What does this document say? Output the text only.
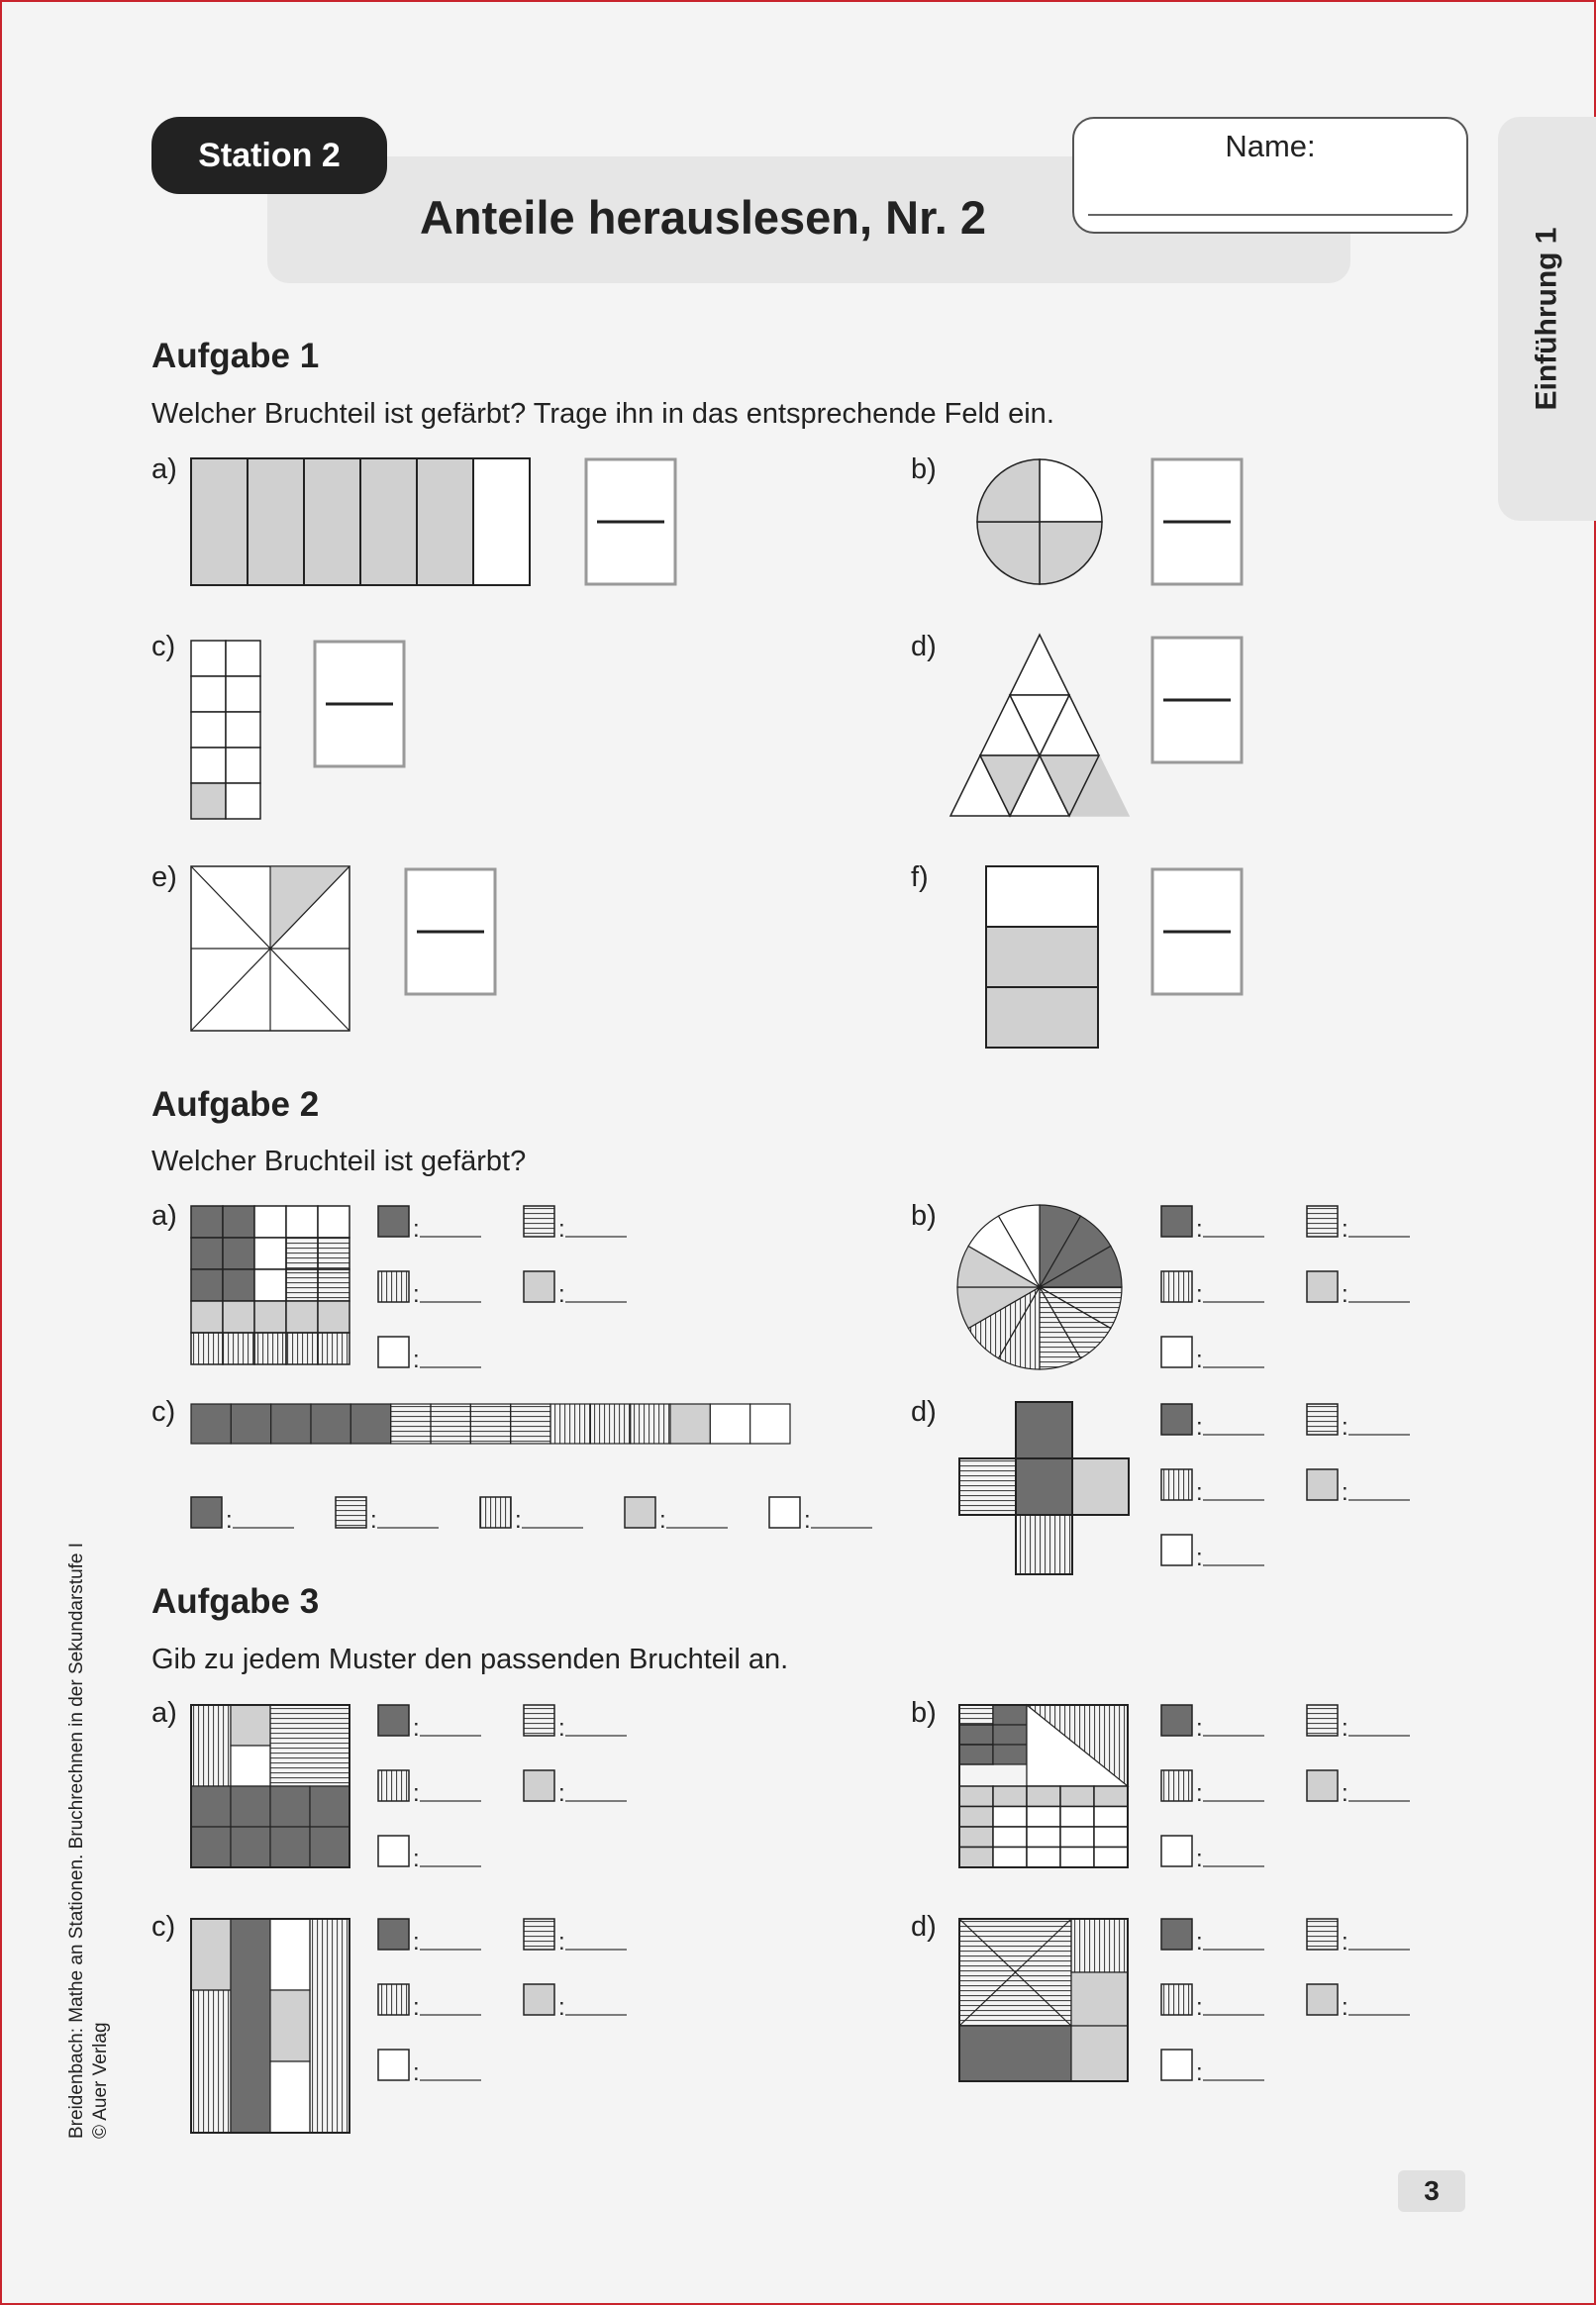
Station 2
Anteile herauslesen, Nr. 2
Name:
Einführung 1
Aufgabe 1
Welcher Bruchteil ist gefärbt? Trage ihn in das entsprechende Feld ein.
a)	b)
c)	d)
e)	f)
Aufgabe 2
Welcher Bruchteil ist gefärbt?
a)	b)
c)	d)
Aufgabe 3
Gib zu jedem Muster den passenden Bruchteil an.
a)	b)
c)	d)
:	:
:	:
:
:	:
:	:
:
:	:	:	:	:
:	:
:	:
:
:	:
:	:
:
:	:
:	:
:
:	:
:	:
:
:	:
:	:
:
Breidenbach: Mathe an Stationen. Bruchrechnen in der Sekundarstufe I © Auer Verlag
3
